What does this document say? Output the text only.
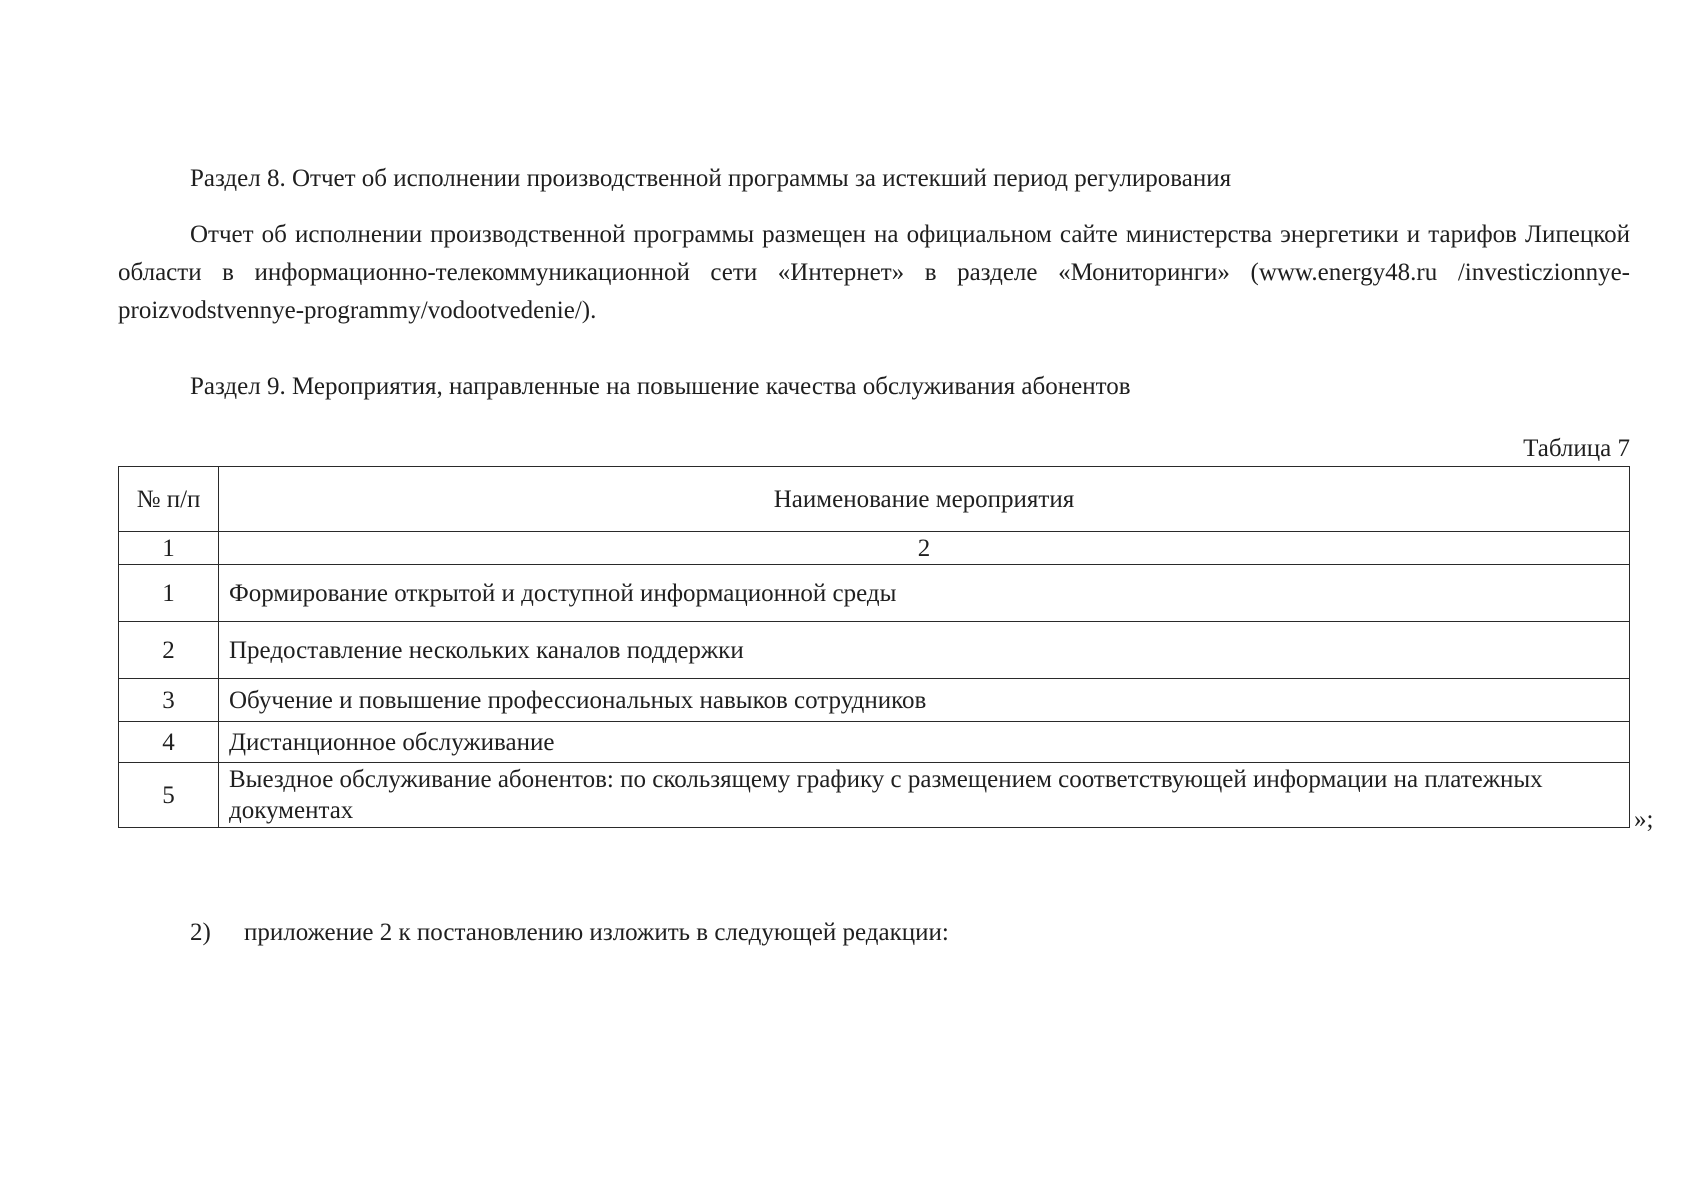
Раздел 8. Отчет об исполнении производственной программы за истекший период регулирования
Отчет об исполнении производственной программы размещен на официальном сайте министерства энергетики и тарифов Липецкой области в информационно-телекоммуникационной сети «Интернет» в разделе «Мониторинги» (www.energy48.ru /investiczionnye-proizvodstvennye-programmy/vodootvedenie/).
Раздел 9. Мероприятия, направленные на повышение качества обслуживания абонентов
Таблица 7
№ п/п	Наименование мероприятия
1	2
1	Формирование открытой и доступной информационной среды
2	Предоставление нескольких каналов поддержки
3	Обучение и повышение профессиональных навыков сотрудников
4	Дистанционное обслуживание
5	Выездное обслуживание абонентов: по скользящему графику с размещением соответствующей информации на платежных документах	»;
2) приложение 2 к постановлению изложить в следующей редакции:
